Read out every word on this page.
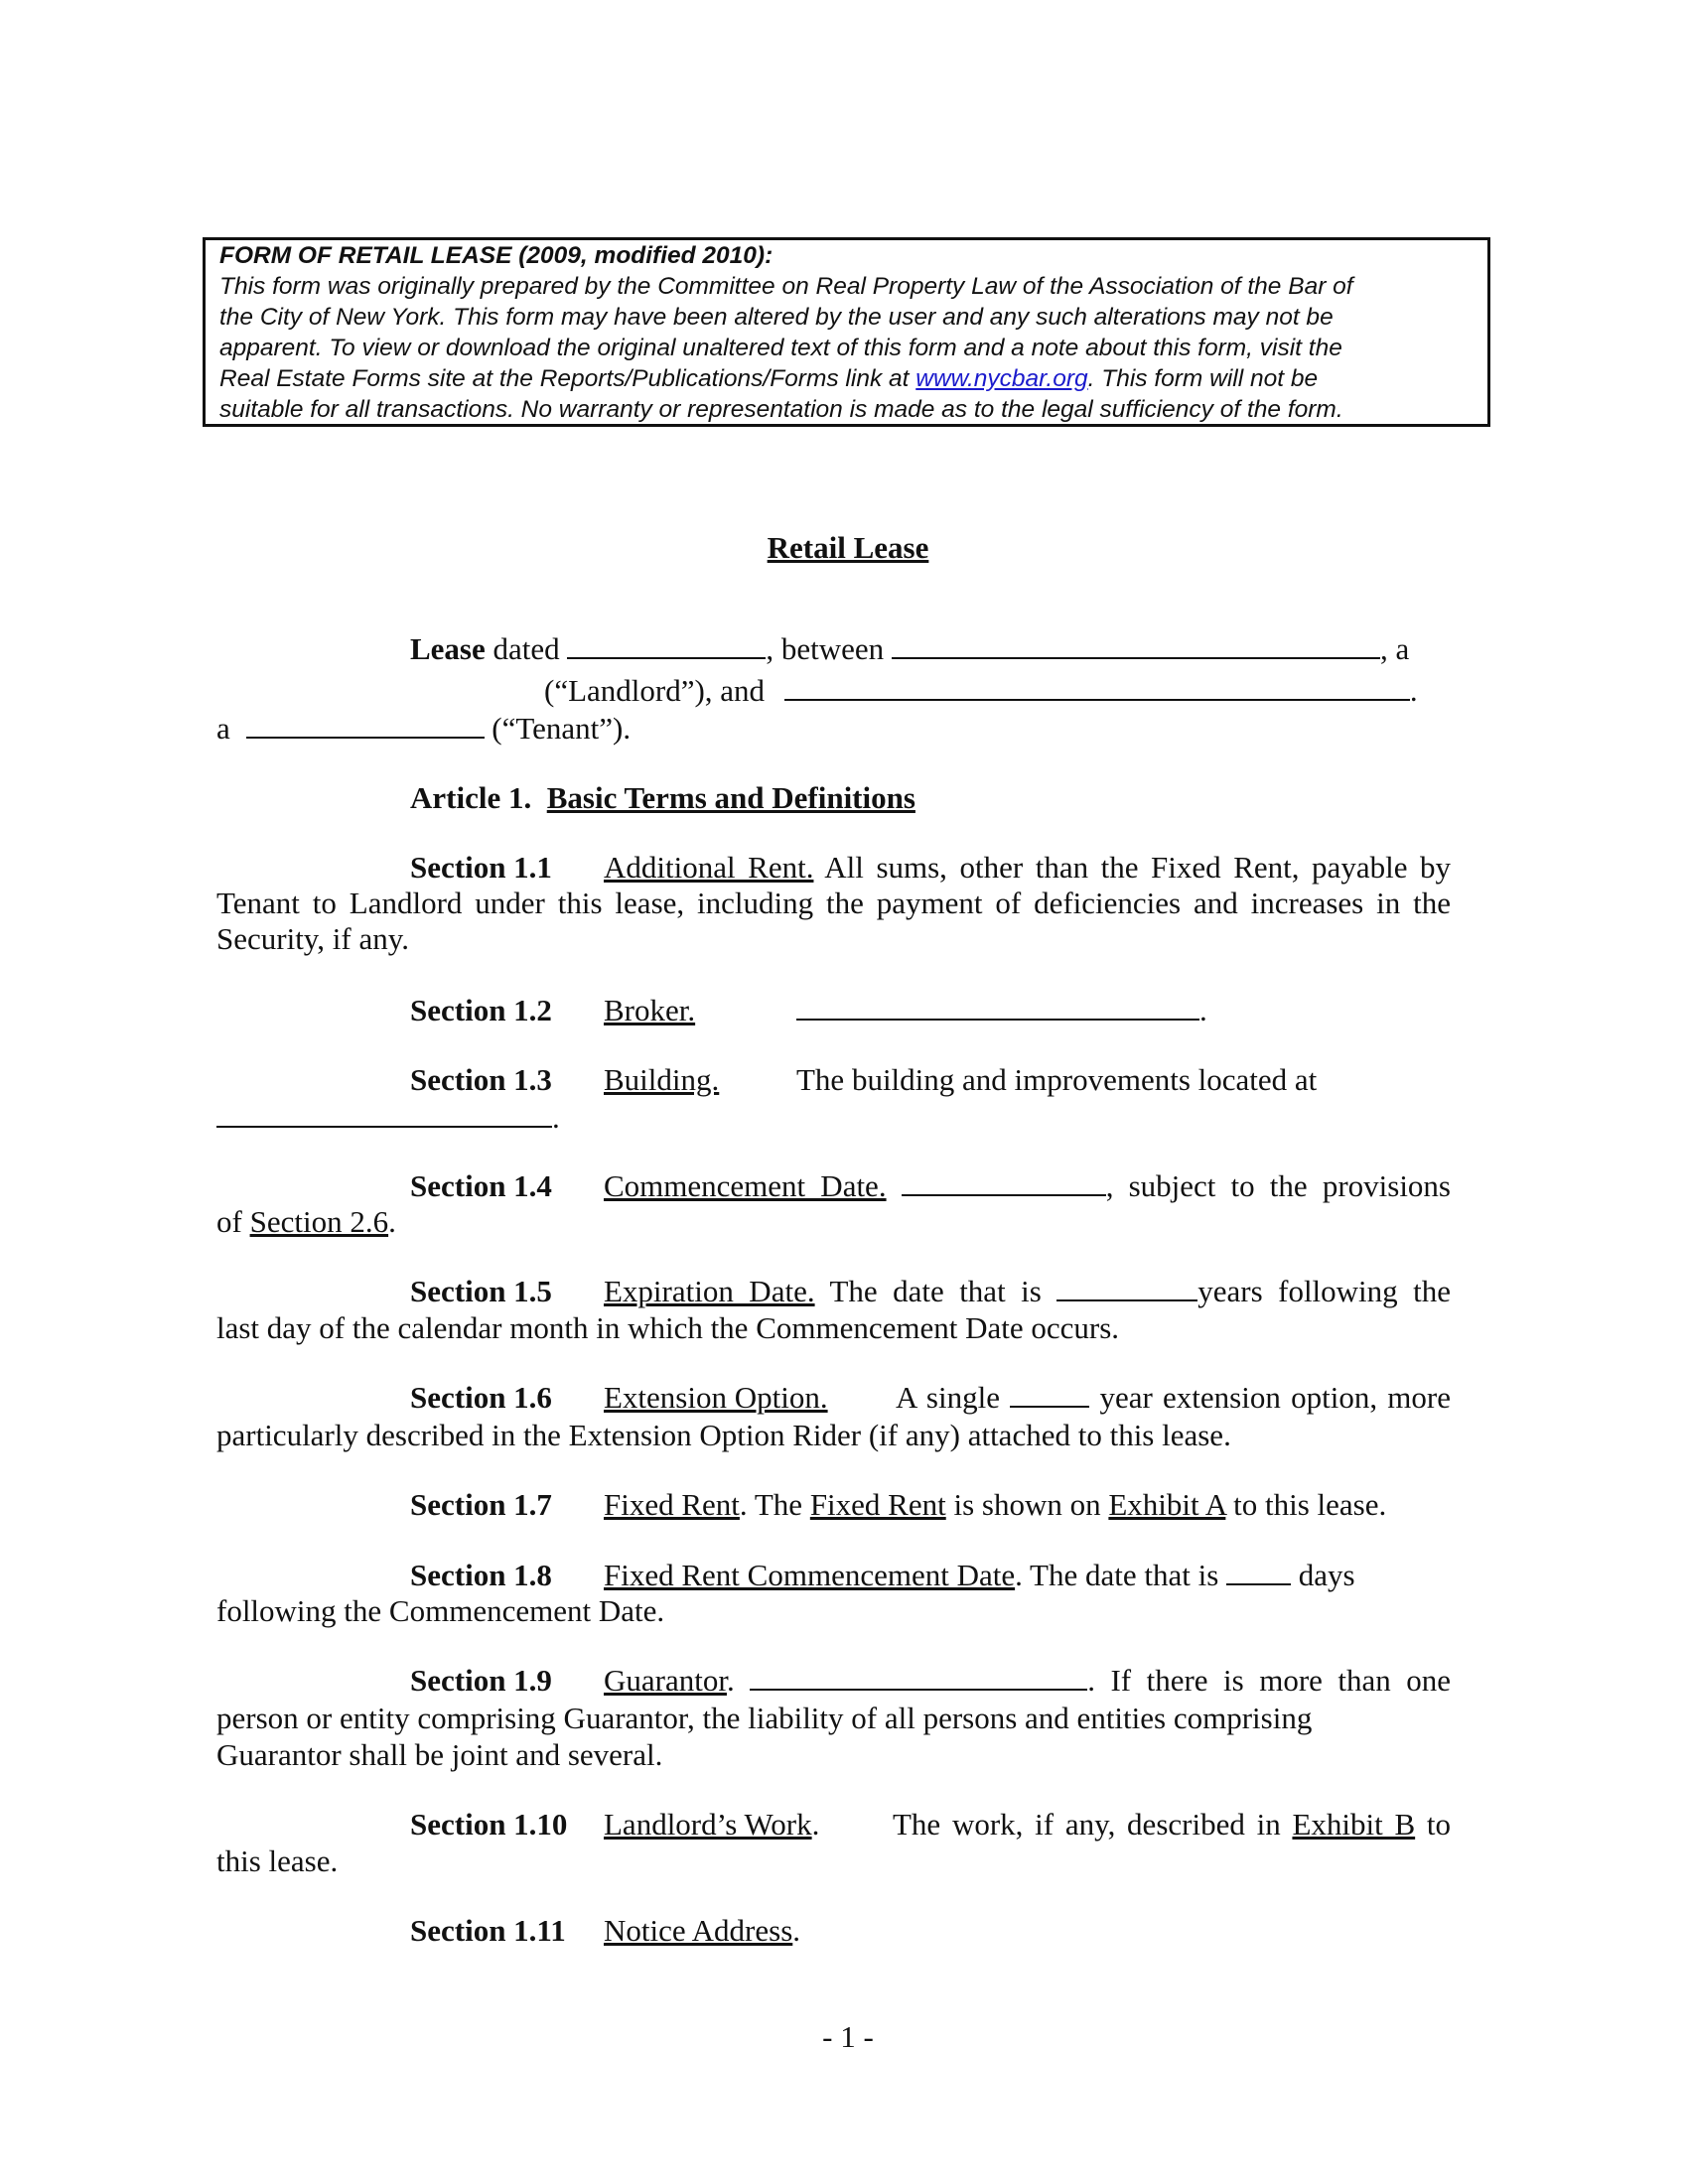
FORM OF RETAIL LEASE (2009, modified 2010):
This form was originally prepared by the Committee on Real Property Law of the Association of the Bar of
the City of New York. This form may have been altered by the user and any such alterations may not be
apparent. To view or download the original unaltered text of this form and a note about this form, visit the
Real Estate Forms site at the Reports/Publications/Forms link at www.nycbar.org. This form will not be
suitable for all transactions. No warranty or representation is made as to the legal sufficiency of the form.
Retail Lease
Lease dated	, between	, a
(“Landlord”), and	.
a	(“Tenant”).
Article 1. Basic Terms and Definitions
Section 1.1 Additional Rent. All sums, other than the Fixed Rent, payable by
Tenant to Landlord under this lease, including the payment of deficiencies and increases in the
Security, if any.
Section 1.2 Broker.	.
Section 1.3 Building.	The building and improvements located at
.
Section 1.4 Commencement Date.	, subject to the provisions
of Section 2.6.
Section 1.5 Expiration Date. The date that is	years following the
last day of the calendar month in which the Commencement Date occurs.
Section 1.6 Extension Option. A single	year extension option, more
particularly described in the Extension Option Rider (if any) attached to this lease.
Section 1.7 Fixed Rent. The Fixed Rent is shown on Exhibit A to this lease.
Section 1.8 Fixed Rent Commencement Date. The date that is  days
following the Commencement Date.
Section 1.9 Guarantor.	. If there is more than one
person or entity comprising Guarantor, the liability of all persons and entities comprising
Guarantor shall be joint and several.
Section 1.10 Landlord’s Work. The work, if any, described in Exhibit B to
this lease.
Section 1.11 Notice Address.
- 1 -
